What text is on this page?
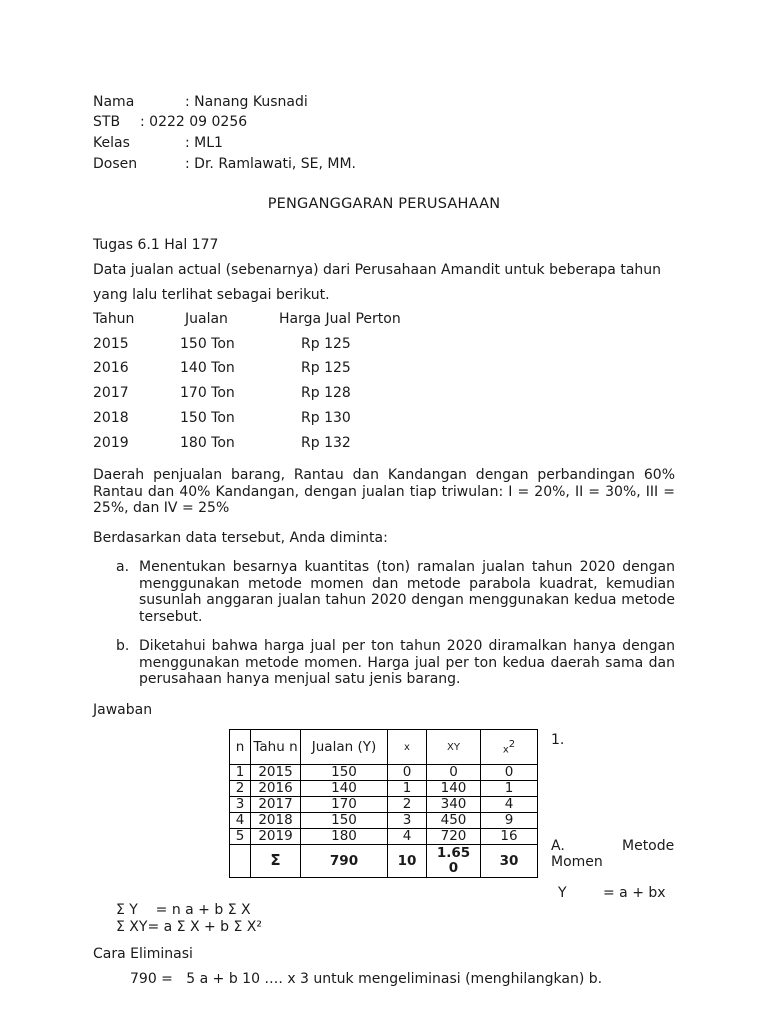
Nama	: Nanang Kusnadi
STB : 0222 09 0256
Kelas	: ML1
Dosen	: Dr. Ramlawati, SE, MM.
PENGANGGARAN PERUSAHAAN
Tugas 6.1 Hal 177
Data jualan actual (sebenarnya) dari Perusahaan Amandit untuk beberapa tahun
yang lalu terlihat sebagai berikut.
Tahun	Jualan	Harga Jual Perton
2015	150 Ton	Rp 125
2016	140 Ton	Rp 125
2017	170 Ton	Rp 128
2018	150 Ton	Rp 130
2019	180 Ton	Rp 132
Daerah penjualan barang, Rantau dan Kandangan dengan perbandingan 60% Rantau dan 40% Kandangan, dengan jualan tiap triwulan: I = 20%, II = 30%, III = 25%, dan IV = 25%
Berdasarkan data tersebut, Anda diminta:
a. Menentukan besarnya kuantitas (ton) ramalan jualan tahun 2020 dengan menggunakan metode momen dan metode parabola kuadrat, kemudian susunlah anggaran jualan tahun 2020 dengan menggunakan kedua metode tersebut.
b. Diketahui bahwa harga jual per ton tahun 2020 diramalkan hanya dengan menggunakan metode momen. Harga jual per ton kedua daerah sama dan perusahaan hanya menjual satu jenis barang.
Jawaban
n	Tahu n	Jualan (Y)	x	XY	$x^2$
1	2015	150	0	0	0
2	2016	140	1	140	1
3	2017	170	2	340	4
4	2018	150	3	450	9
5	2019	180	4	720	16
	Σ	790	10	1.650	30
1.
A.	Metode
Momen
Y	= a + bx
Σ Y    = n a + b Σ X
Σ XY= a Σ X + b Σ X²
Cara Eliminasi
790 =   5 a + b 10 …. x 3 untuk mengeliminasi (menghilangkan) b.
